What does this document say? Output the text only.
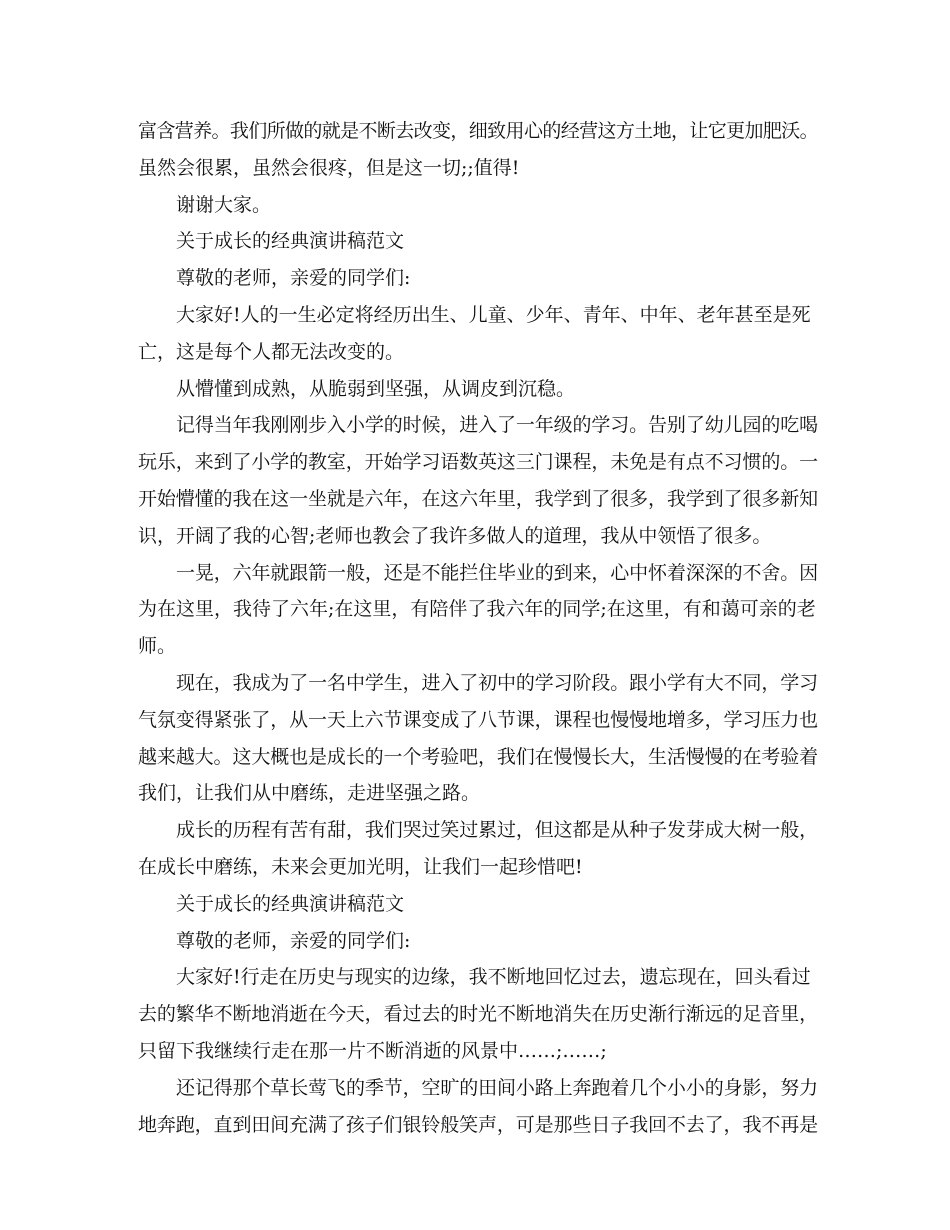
富含营养。我们所做的就是不断去改变，细致用心的经营这方土地，让它更加肥沃。
虽然会很累，虽然会很疼，但是这一切;;值得!
谢谢大家。
关于成长的经典演讲稿范文
尊敬的老师，亲爱的同学们:
大家好!人的一生必定将经历出生、儿童、少年、青年、中年、老年甚至是死
亡，这是每个人都无法改变的。
从懵懂到成熟，从脆弱到坚强，从调皮到沉稳。
记得当年我刚刚步入小学的时候，进入了一年级的学习。告别了幼儿园的吃喝
玩乐，来到了小学的教室，开始学习语数英这三门课程，未免是有点不习惯的。一
开始懵懂的我在这一坐就是六年，在这六年里，我学到了很多，我学到了很多新知
识，开阔了我的心智;老师也教会了我许多做人的道理，我从中领悟了很多。
一晃，六年就跟箭一般，还是不能拦住毕业的到来，心中怀着深深的不舍。因
为在这里，我待了六年;在这里，有陪伴了我六年的同学;在这里，有和蔼可亲的老
师。
现在，我成为了一名中学生，进入了初中的学习阶段。跟小学有大不同，学习
气氛变得紧张了，从一天上六节课变成了八节课，课程也慢慢地增多，学习压力也
越来越大。这大概也是成长的一个考验吧，我们在慢慢长大，生活慢慢的在考验着
我们，让我们从中磨练，走进坚强之路。
成长的历程有苦有甜，我们哭过笑过累过，但这都是从种子发芽成大树一般，
在成长中磨练，未来会更加光明，让我们一起珍惜吧!
关于成长的经典演讲稿范文
尊敬的老师，亲爱的同学们:
大家好!行走在历史与现实的边缘，我不断地回忆过去，遗忘现在，回头看过
去的繁华不断地消逝在今天，看过去的时光不断地消失在历史渐行渐远的足音里，
只留下我继续行走在那一片不断消逝的风景中……;……;
还记得那个草长莺飞的季节，空旷的田间小路上奔跑着几个小小的身影，努力
地奔跑，直到田间充满了孩子们银铃般笑声，可是那些日子我回不去了，我不再是
